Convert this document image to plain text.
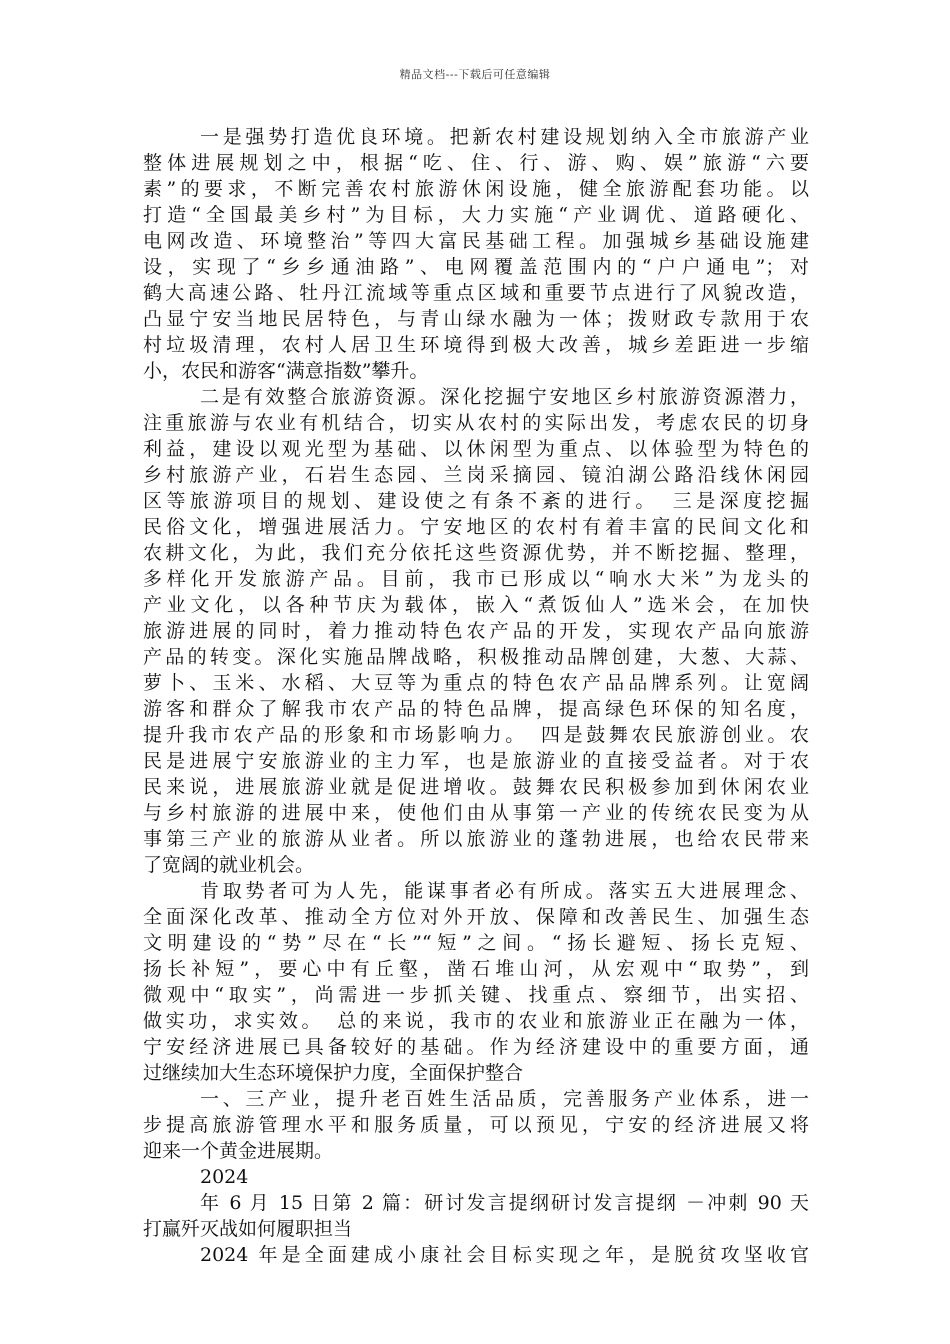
精品文档---下载后可任意编辑
一是强势打造优良环境。把新农村建设规划纳入全市旅游产业
整体进展规划之中，根据“吃、住、行、游、购、娱”旅游“六要
素”的要求，不断完善农村旅游休闲设施，健全旅游配套功能。以
打造“全国最美乡村”为目标，大力实施“产业调优、道路硬化、
电网改造、环境整治”等四大富民基础工程。加强城乡基础设施建
设，实现了“乡乡通油路”、电网覆盖范围内的“户户通电”；对
鹤大高速公路、牡丹江流域等重点区域和重要节点进行了风貌改造，
凸显宁安当地民居特色，与青山绿水融为一体；拨财政专款用于农
村垃圾清理，农村人居卫生环境得到极大改善，城乡差距进一步缩
小，农民和游客“满意指数”攀升。
二是有效整合旅游资源。深化挖掘宁安地区乡村旅游资源潜力，
注重旅游与农业有机结合，切实从农村的实际出发，考虑农民的切身
利益，建设以观光型为基础、以休闲型为重点、以体验型为特色的
乡村旅游产业，石岩生态园、兰岗采摘园、镜泊湖公路沿线休闲园
区等旅游项目的规划、建设使之有条不紊的进行。　三是深度挖掘
民俗文化，增强进展活力。宁安地区的农村有着丰富的民间文化和
农耕文化，为此，我们充分依托这些资源优势，并不断挖掘、整理，
多样化开发旅游产品。目前，我市已形成以“响水大米”为龙头的
产业文化，以各种节庆为载体，嵌入“煮饭仙人”选米会，在加快
旅游进展的同时，着力推动特色农产品的开发，实现农产品向旅游
产品的转变。深化实施品牌战略，积极推动品牌创建，大葱、大蒜、
萝卜、玉米、水稻、大豆等为重点的特色农产品品牌系列。让宽阔
游客和群众了解我市农产品的特色品牌，提高绿色环保的知名度，
提升我市农产品的形象和市场影响力。　四是鼓舞农民旅游创业。农
民是进展宁安旅游业的主力军，也是旅游业的直接受益者。对于农
民来说，进展旅游业就是促进增收。鼓舞农民积极参加到休闲农业
与乡村旅游的进展中来，使他们由从事第一产业的传统农民变为从
事第三产业的旅游从业者。所以旅游业的蓬勃进展，也给农民带来
了宽阔的就业机会。
肯取势者可为人先，能谋事者必有所成。落实五大进展理念、
全面深化改革、推动全方位对外开放、保障和改善民生、加强生态
文明建设的“势”尽在“长”“短”之间。“扬长避短、扬长克短、
扬长补短”，要心中有丘壑，凿石堆山河，从宏观中“取势”，到
微观中“取实”，尚需进一步抓关键、找重点、察细节，出实招、
做实功，求实效。　总的来说，我市的农业和旅游业正在融为一体，
宁安经济进展已具备较好的基础。作为经济建设中的重要方面，通
过继续加大生态环境保护力度，全面保护整合
一、三产业，提升老百姓生活品质，完善服务产业体系，进一
步提高旅游管理水平和服务质量，可以预见，宁安的经济进展又将
迎来一个黄金进展期。
2024
年 6 月 15 日第 2 篇：研讨发言提纲研讨发言提纲 －冲刺 90 天
打赢歼灭战如何履职担当
2024 年是全面建成小康社会目标实现之年，是脱贫攻坚收官
